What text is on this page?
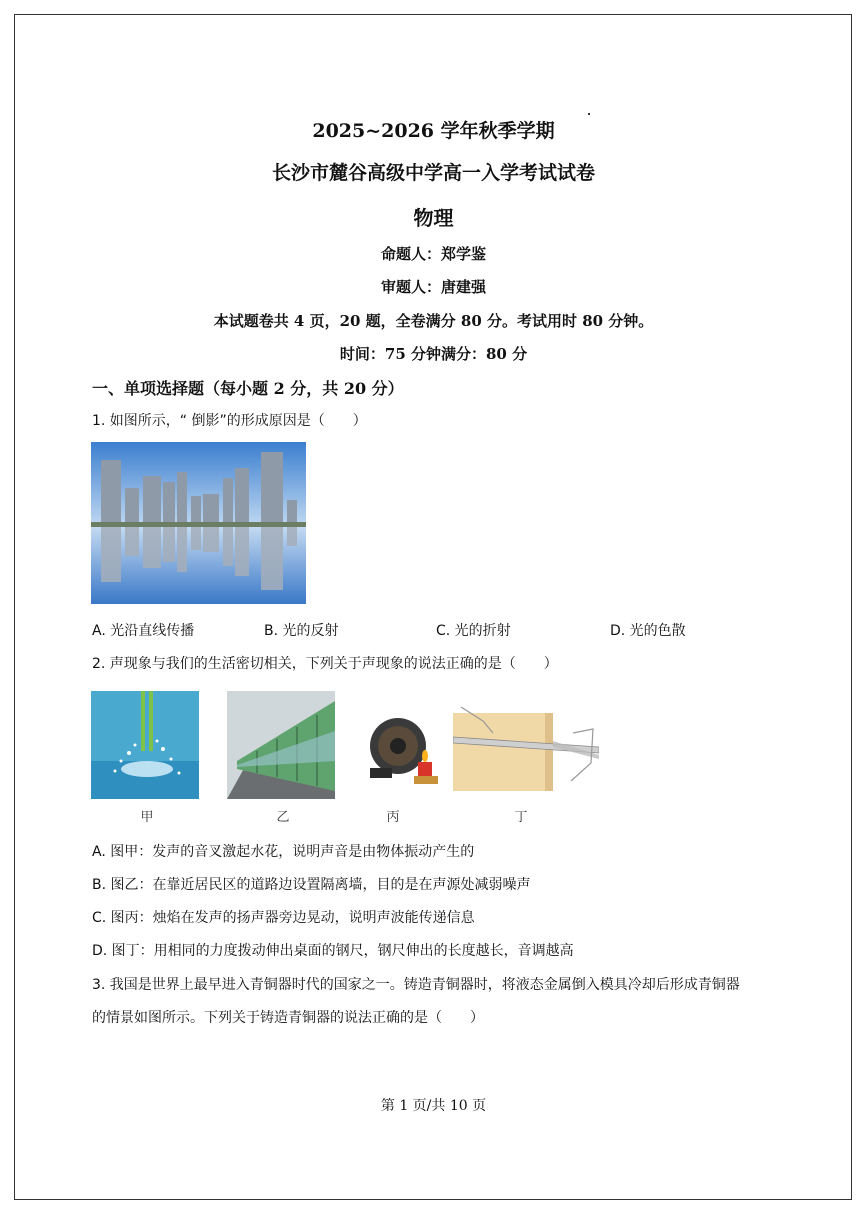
2025~2026 学年秋季学期
长沙市麓谷高级中学高一入学考试试卷
物理
命题人：郑学鉴
审题人：唐建强
本试题卷共 4 页，20 题，全卷满分 80 分。考试用时 80 分钟。
时间：75 分钟满分：80 分
一、单项选择题（每小题 2 分，共 20 分）
1. 如图所示，“ 倒影”的形成原因是（　　）
A. 光沿直线传播	B. 光的反射	C. 光的折射	D. 光的色散
2. 声现象与我们的生活密切相关，下列关于声现象的说法正确的是（　　）
甲	乙	丙	丁
A. 图甲：发声的音叉激起水花，说明声音是由物体振动产生的
B. 图乙：在靠近居民区的道路边设置隔离墙，目的是在声源处减弱噪声
C. 图丙：烛焰在发声的扬声器旁边晃动，说明声波能传递信息
D. 图丁：用相同的力度拨动伸出桌面的钢尺，钢尺伸出的长度越长，音调越高
3. 我国是世界上最早进入青铜器时代的国家之一。铸造青铜器时，将液态金属倒入模具冷却后形成青铜器
的情景如图所示。下列关于铸造青铜器的说法正确的是（　　）
第 1 页/共 10 页
